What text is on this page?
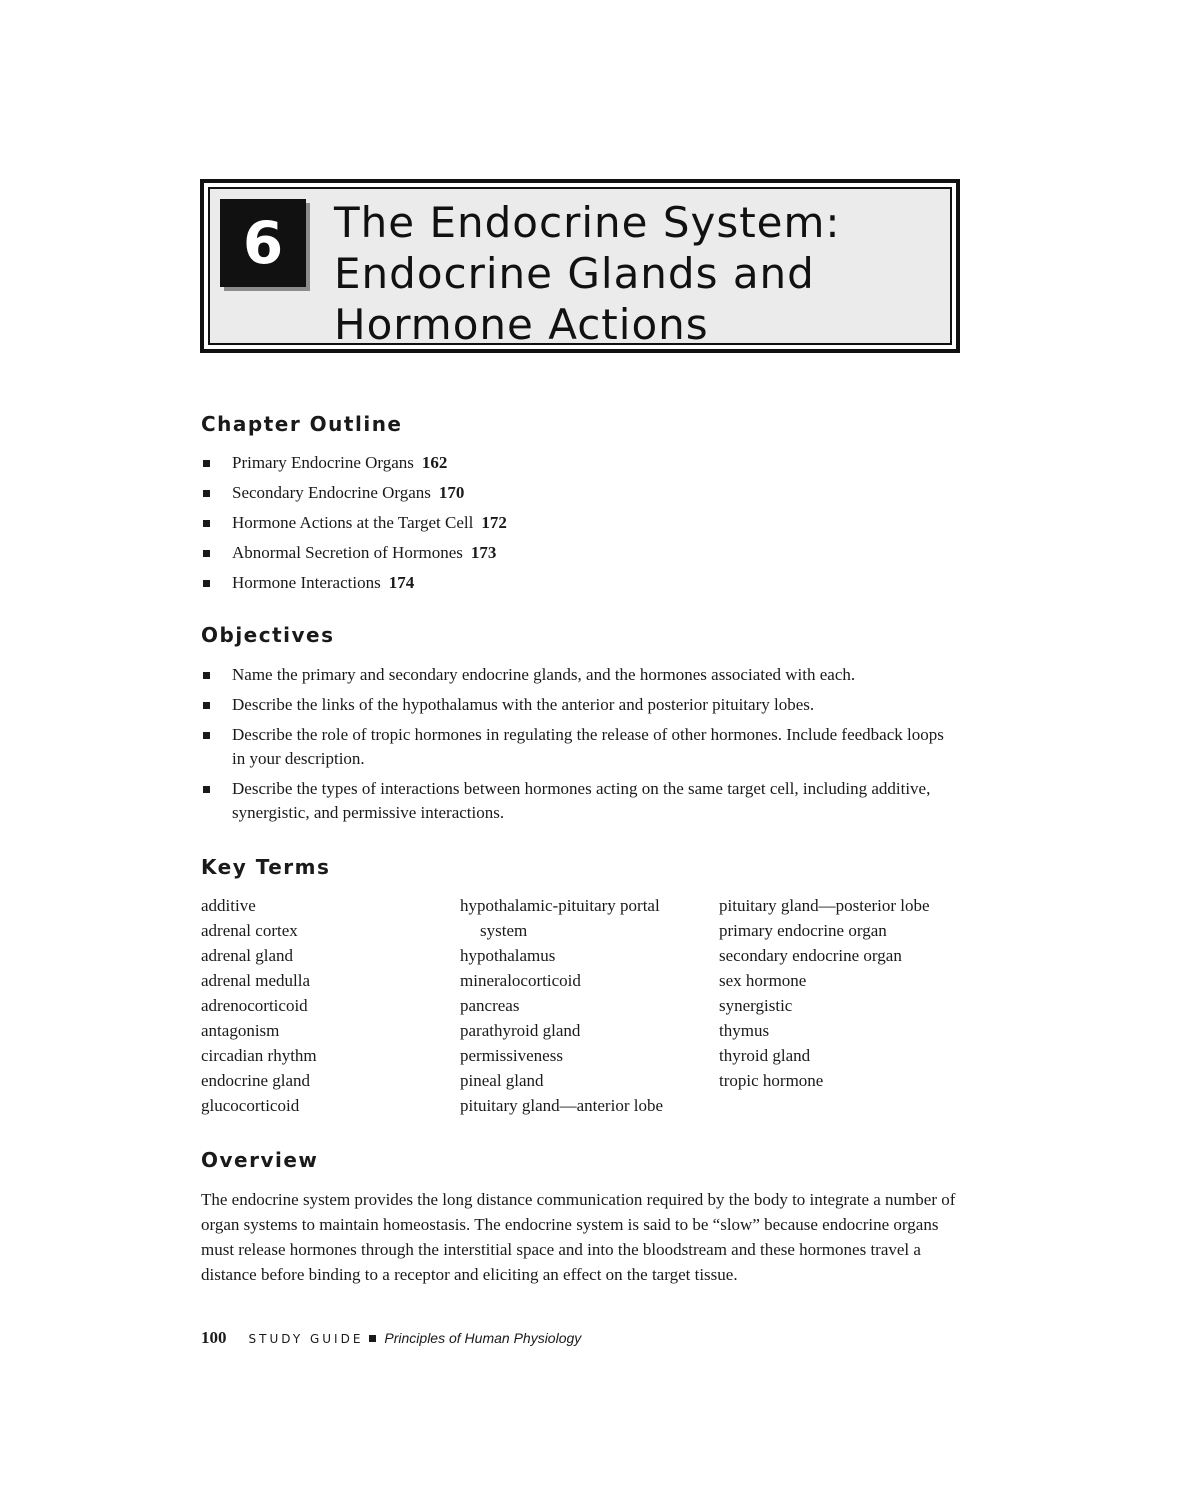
6	The Endocrine System:
Endocrine Glands and
Hormone Actions
Chapter Outline
Primary Endocrine Organs 162
Secondary Endocrine Organs 170
Hormone Actions at the Target Cell 172
Abnormal Secretion of Hormones 173
Hormone Interactions 174
Objectives
Name the primary and secondary endocrine glands, and the hormones associated with each.
Describe the links of the hypothalamus with the anterior and posterior pituitary lobes.
Describe the role of tropic hormones in regulating the release of other hormones. Include feedback loops in your description.
Describe the types of interactions between hormones acting on the same target cell, including additive, synergistic, and permissive interactions.
Key Terms
additive
adrenal cortex
adrenal gland
adrenal medulla
adrenocorticoid
antagonism
circadian rhythm
endocrine gland
glucocorticoid
hypothalamic-pituitary portal
system
hypothalamus
mineralocorticoid
pancreas
parathyroid gland
permissiveness
pineal gland
pituitary gland—anterior lobe
pituitary gland—posterior lobe
primary endocrine organ
secondary endocrine organ
sex hormone
synergistic
thymus
thyroid gland
tropic hormone
Overview

The endocrine system provides the long distance communication required by the body to integrate a number of organ systems to maintain homeostasis. The endocrine system is said to be “slow” because endocrine organs must release hormones through the interstitial space and into the bloodstream and these hormones travel a distance before binding to a receptor and eliciting an effect on the target tissue.

100 STUDY GUIDE Principles of Human Physiology
